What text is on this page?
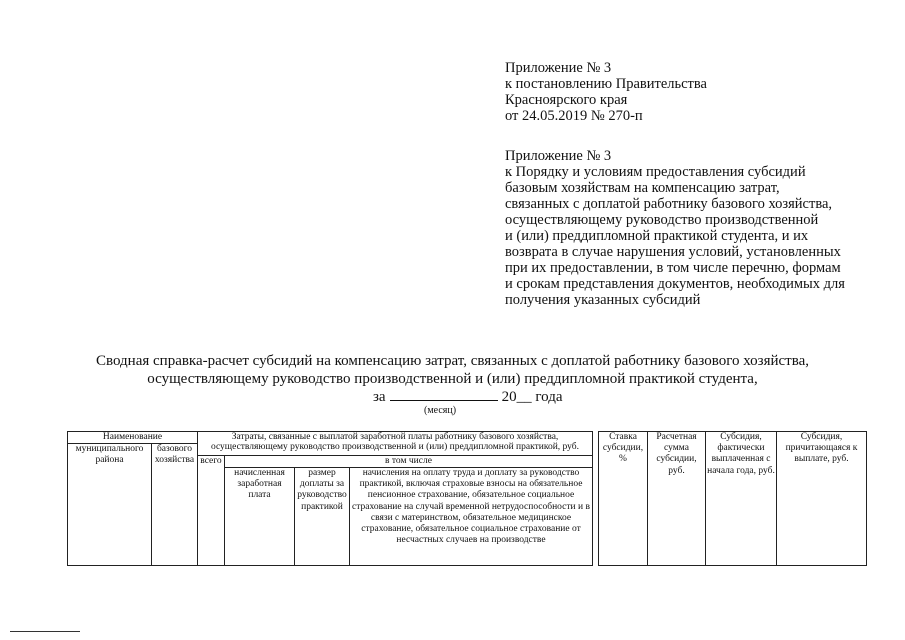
Приложение № 3
к постановлению Правительства
Красноярского края
от 24.05.2019 № 270-п
Приложение № 3
к Порядку и условиям предоставления субсидий
базовым хозяйствам на компенсацию затрат,
связанных с доплатой работнику базового хозяйства,
осуществляющему руководство производственной
и (или) преддипломной практикой студента, и их
возврата в случае нарушения условий, установленных
при их предоставлении, в том числе перечню, формам
и срокам представления документов, необходимых для
получения указанных субсидий
Сводная справка-расчет субсидий на компенсацию затрат, связанных с доплатой работнику базового хозяйства,
осуществляющему руководство производственной и (или) преддипломной практикой студента,
за	20__ года
(месяц)
Наименование		Затраты, связанные с выплатой заработной платы работнику базового хозяйства, осуществляющему руководство производственной и (или) преддипломной практикой, руб.					Ставка субсидии, %	Расчетная сумма субсидии, руб.	Субсидия, фактически выплаченная с начала года, руб.	Субсидия, причитающаяся к выплате, руб.
муниципального района	базового хозяйства									
		всего	в том числе							
			начисленная заработная плата	размер доплаты за руководство практикой	начисления на оплату труда и доплату за руководство практикой, включая страховые взносы на обязательное пенсионное страхование, обязательное социальное страхование на случай временной нетрудоспособности и в связи с материнством, обязательное медицинское страхование, обязательное социальное страхование от несчастных случаев на производстве					
